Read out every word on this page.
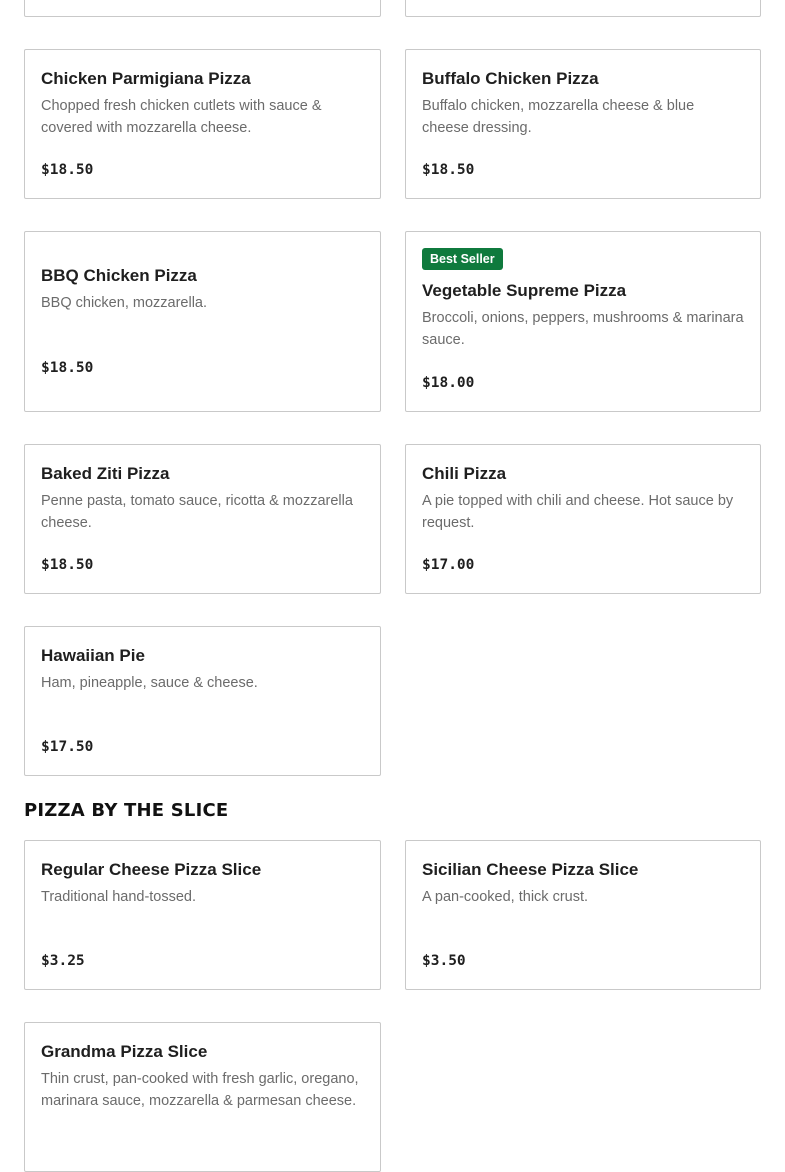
Chicken Parmigiana Pizza
Chopped fresh chicken cutlets with sauce & covered with mozzarella cheese.
$18.50
Buffalo Chicken Pizza
Buffalo chicken, mozzarella cheese & blue cheese dressing.
$18.50
BBQ Chicken Pizza
BBQ chicken, mozzarella.
$18.50
Best Seller
Vegetable Supreme Pizza
Broccoli, onions, peppers, mushrooms & marinara sauce.
$18.00
Baked Ziti Pizza
Penne pasta, tomato sauce, ricotta & mozzarella cheese.
$18.50
Chili Pizza
A pie topped with chili and cheese. Hot sauce by request.
$17.00
Hawaiian Pie
Ham, pineapple, sauce & cheese.
$17.50
PIZZA BY THE SLICE
Regular Cheese Pizza Slice
Traditional hand-tossed.
$3.25
Sicilian Cheese Pizza Slice
A pan-cooked, thick crust.
$3.50
Grandma Pizza Slice
Thin crust, pan-cooked with fresh garlic, oregano, marinara sauce, mozzarella & parmesan cheese.
